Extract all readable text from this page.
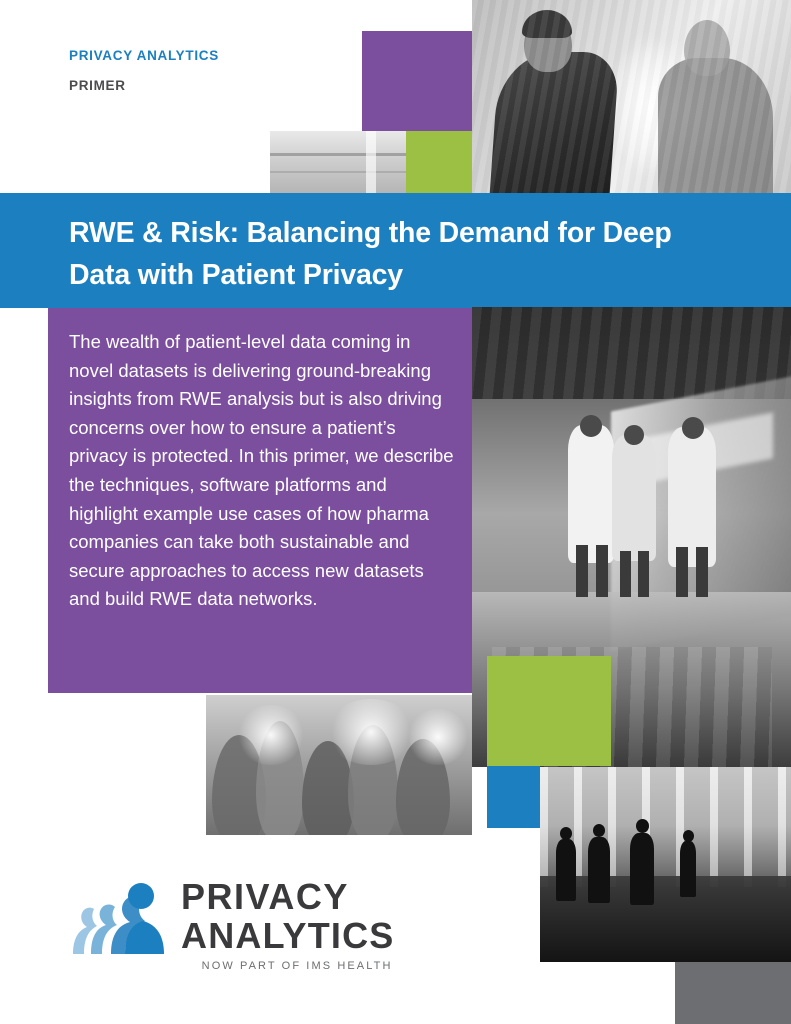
PRIVACY ANALYTICS
PRIMER
RWE & Risk: Balancing the Demand for Deep Data with Patient Privacy
The wealth of patient-level data coming in novel datasets is delivering ground-breaking insights from RWE analysis but is also driving concerns over how to ensure a patient’s privacy is protected. In this primer, we describe the techniques, software platforms and highlight example use cases of how pharma companies can take both sustainable and secure approaches to access new datasets and build RWE data networks.
PRIVACY
ANALYTICS
NOW PART OF IMS HEALTH
